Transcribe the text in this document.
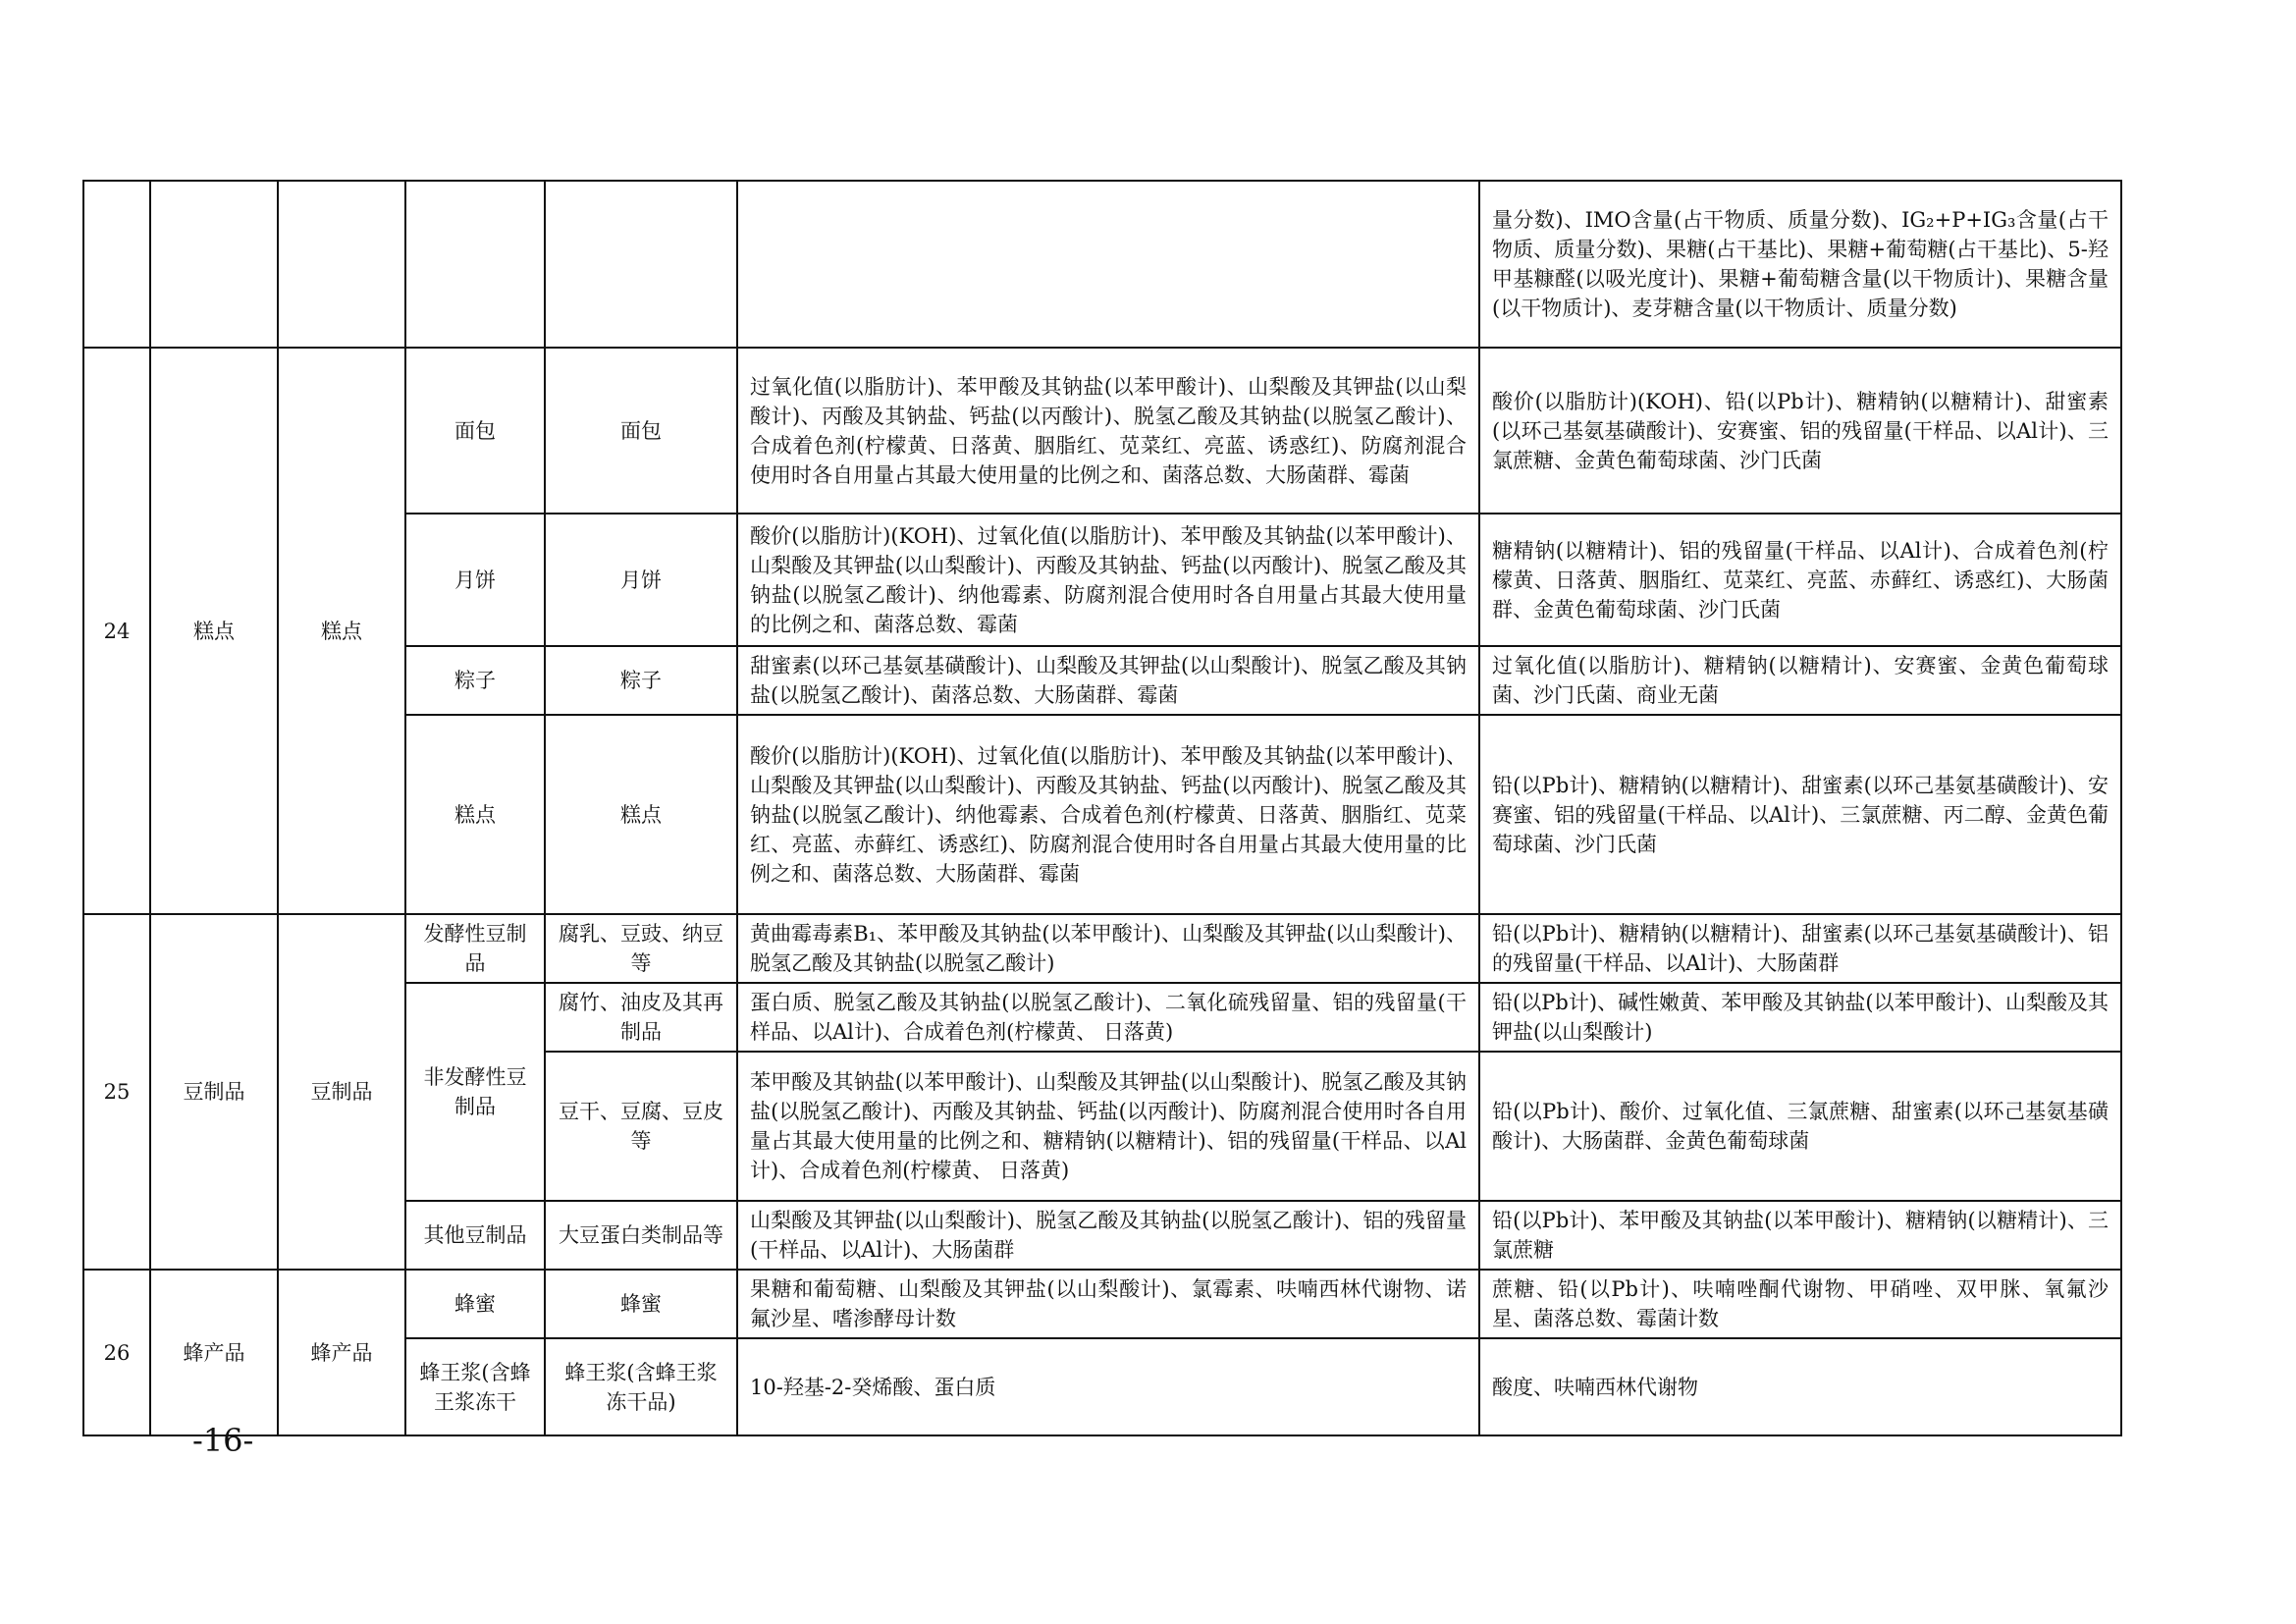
						量分数)、IMO含量(占干物质、质量分数)、IG₂+P+IG₃含量(占干物质、质量分数)、果糖(占干基比)、果糖+葡萄糖(占干基比)、5-羟甲基糠醛(以吸光度计)、果糖+葡萄糖含量(以干物质计)、果糖含量(以干物质计)、麦芽糖含量(以干物质计、质量分数)
24	糕点	糕点	面包	面包	过氧化值(以脂肪计)、苯甲酸及其钠盐(以苯甲酸计)、山梨酸及其钾盐(以山梨酸计)、丙酸及其钠盐、钙盐(以丙酸计)、脱氢乙酸及其钠盐(以脱氢乙酸计)、合成着色剂(柠檬黄、日落黄、胭脂红、苋菜红、亮蓝、诱惑红)、防腐剂混合使用时各自用量占其最大使用量的比例之和、菌落总数、大肠菌群、霉菌	酸价(以脂肪计)(KOH)、铅(以Pb计)、糖精钠(以糖精计)、甜蜜素(以环己基氨基磺酸计)、安赛蜜、铝的残留量(干样品、以Al计)、三氯蔗糖、金黄色葡萄球菌、沙门氏菌
			月饼	月饼	酸价(以脂肪计)(KOH)、过氧化值(以脂肪计)、苯甲酸及其钠盐(以苯甲酸计)、山梨酸及其钾盐(以山梨酸计)、丙酸及其钠盐、钙盐(以丙酸计)、脱氢乙酸及其钠盐(以脱氢乙酸计)、纳他霉素、防腐剂混合使用时各自用量占其最大使用量的比例之和、菌落总数、霉菌	糖精钠(以糖精计)、铝的残留量(干样品、以Al计)、合成着色剂(柠檬黄、日落黄、胭脂红、苋菜红、亮蓝、赤藓红、诱惑红)、大肠菌群、金黄色葡萄球菌、沙门氏菌
			粽子	粽子	甜蜜素(以环己基氨基磺酸计)、山梨酸及其钾盐(以山梨酸计)、脱氢乙酸及其钠盐(以脱氢乙酸计)、菌落总数、大肠菌群、霉菌	过氧化值(以脂肪计)、糖精钠(以糖精计)、安赛蜜、金黄色葡萄球菌、沙门氏菌、商业无菌
			糕点	糕点	酸价(以脂肪计)(KOH)、过氧化值(以脂肪计)、苯甲酸及其钠盐(以苯甲酸计)、山梨酸及其钾盐(以山梨酸计)、丙酸及其钠盐、钙盐(以丙酸计)、脱氢乙酸及其钠盐(以脱氢乙酸计)、纳他霉素、合成着色剂(柠檬黄、日落黄、胭脂红、苋菜红、亮蓝、赤藓红、诱惑红)、防腐剂混合使用时各自用量占其最大使用量的比例之和、菌落总数、大肠菌群、霉菌	铅(以Pb计)、糖精钠(以糖精计)、甜蜜素(以环己基氨基磺酸计)、安赛蜜、铝的残留量(干样品、以Al计)、三氯蔗糖、丙二醇、金黄色葡萄球菌、沙门氏菌
25	豆制品	豆制品	发酵性豆制品	腐乳、豆豉、纳豆等	黄曲霉毒素B₁、苯甲酸及其钠盐(以苯甲酸计)、山梨酸及其钾盐(以山梨酸计)、脱氢乙酸及其钠盐(以脱氢乙酸计)	铅(以Pb计)、糖精钠(以糖精计)、甜蜜素(以环己基氨基磺酸计)、铝的残留量(干样品、以Al计)、大肠菌群
			非发酵性豆制品	腐竹、油皮及其再制品	蛋白质、脱氢乙酸及其钠盐(以脱氢乙酸计)、二氧化硫残留量、铝的残留量(干样品、以Al计)、合成着色剂(柠檬黄、 日落黄)	铅(以Pb计)、碱性嫩黄、苯甲酸及其钠盐(以苯甲酸计)、山梨酸及其钾盐(以山梨酸计)
				豆干、豆腐、豆皮等	苯甲酸及其钠盐(以苯甲酸计)、山梨酸及其钾盐(以山梨酸计)、脱氢乙酸及其钠盐(以脱氢乙酸计)、丙酸及其钠盐、钙盐(以丙酸计)、防腐剂混合使用时各自用量占其最大使用量的比例之和、糖精钠(以糖精计)、铝的残留量(干样品、以Al计)、合成着色剂(柠檬黄、 日落黄)	铅(以Pb计)、酸价、过氧化值、三氯蔗糖、甜蜜素(以环己基氨基磺酸计)、大肠菌群、金黄色葡萄球菌
			其他豆制品	大豆蛋白类制品等	山梨酸及其钾盐(以山梨酸计)、脱氢乙酸及其钠盐(以脱氢乙酸计)、铝的残留量(干样品、以Al计)、大肠菌群	铅(以Pb计)、苯甲酸及其钠盐(以苯甲酸计)、糖精钠(以糖精计)、三氯蔗糖
26	蜂产品	蜂产品	蜂蜜	蜂蜜	果糖和葡萄糖、山梨酸及其钾盐(以山梨酸计)、氯霉素、呋喃西林代谢物、诺氟沙星、嗜渗酵母计数	蔗糖、铅(以Pb计)、呋喃唑酮代谢物、甲硝唑、双甲脒、氧氟沙星、菌落总数、霉菌计数
			蜂王浆(含蜂王浆冻干	蜂王浆(含蜂王浆冻干品)	10-羟基-2-癸烯酸、蛋白质	酸度、呋喃西林代谢物
-16-
